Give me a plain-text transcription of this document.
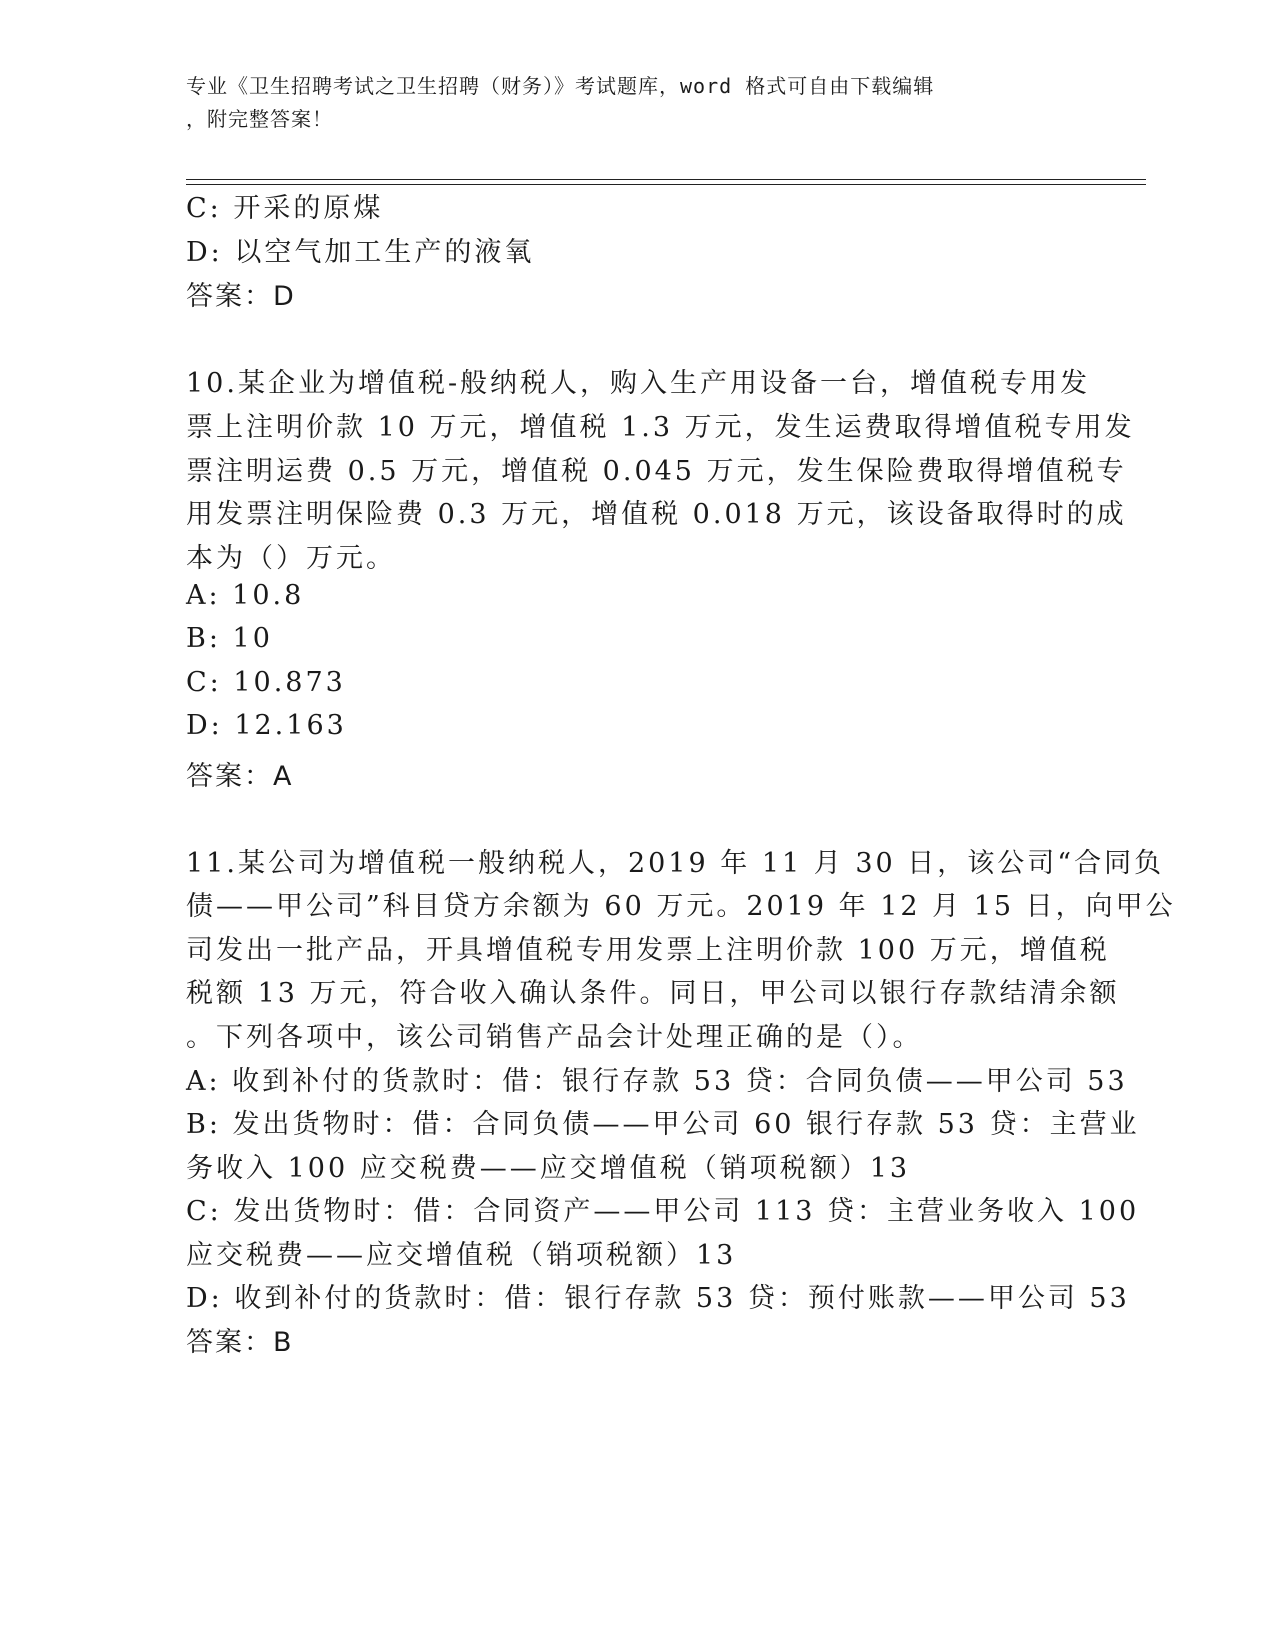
专业《卫生招聘考试之卫生招聘（财务）》考试题库，word 格式可自由下载编辑
，附完整答案！
C: 开采的原煤
D: 以空气加工生产的液氧
答案：D
10.某企业为增值税-般纳税人，购入生产用设备一台，增值税专用发
票上注明价款 10 万元，增值税 1.3 万元，发生运费取得增值税专用发
票注明运费 0.5 万元，增值税 0.045 万元，发生保险费取得增值税专
用发票注明保险费 0.3 万元，增值税 0.018 万元，该设备取得时的成
本为（）万元。
A: 10.8
B: 10
C: 10.873
D: 12.163
答案：A
11.某公司为增值税一般纳税人，2019 年 11 月 30 日，该公司“合同负
债——甲公司”科目贷方余额为 60 万元。2019 年 12 月 15 日，向甲公
司发出一批产品，开具增值税专用发票上注明价款 100 万元，增值税
税额 13 万元，符合收入确认条件。同日，甲公司以银行存款结清余额
。下列各项中，该公司销售产品会计处理正确的是（）。
A: 收到补付的货款时：借：银行存款 53 贷：合同负债——甲公司 53
B: 发出货物时：借：合同负债——甲公司 60 银行存款 53 贷：主营业
务收入 100 应交税费——应交增值税（销项税额）13
C: 发出货物时：借：合同资产——甲公司 113 贷：主营业务收入 100
应交税费——应交增值税（销项税额）13
D: 收到补付的货款时：借：银行存款 53 贷：预付账款——甲公司 53
答案：B
